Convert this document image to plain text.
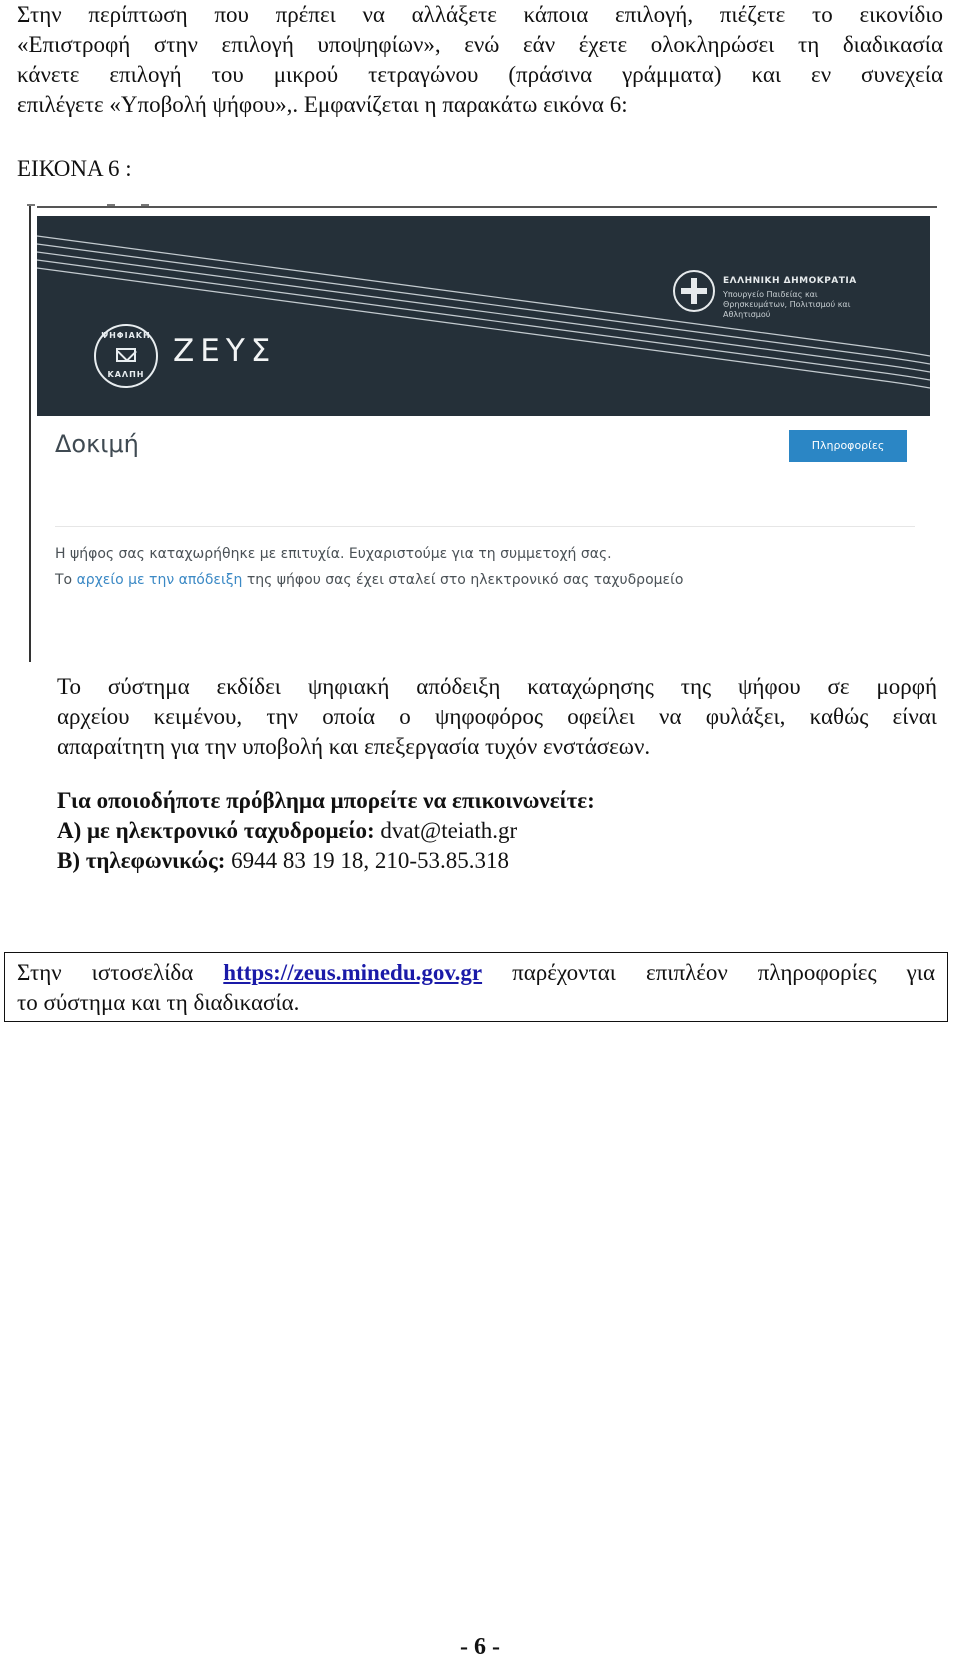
Στην περίπτωση που πρέπει να αλλάξετε κάποια επιλογή, πιέζετε το εικονίδιο

«Επιστροφή στην επιλογή υποψηφίων», ενώ εάν έχετε ολοκληρώσει τη διαδικασία

κάνετε επιλογή του μικρού τετραγώνου (πράσινα γράμματα) και εν συνεχεία

επιλέγετε «Υποβολή ψήφου»,. Εμφανίζεται η παρακάτω εικόνα 6:

ΕΙΚΟΝΑ 6 :

ΨΗΦΙΑΚΗ
ΚΑΛΠΗ
ΖΕΥΣ
ΕΛΛΗΝΙΚΗ ΔΗΜΟΚΡΑΤΙΑ
Υπουργείο Παιδείας και Θρησκευμάτων, Πολιτισμού και Αθλητισμού
Δοκιμή	Πληροφορίες
Η ψήφος σας καταχωρήθηκε με επιτυχία. Ευχαριστούμε για τη συμμετοχή σας.
Το αρχείο με την απόδειξη της ψήφου σας έχει σταλεί στο ηλεκτρονικό σας ταχυδρομείο

Το σύστημα εκδίδει ψηφιακή απόδειξη καταχώρησης της ψήφου σε μορφή

αρχείου κειμένου, την οποία ο ψηφοφόρος οφείλει να φυλάξει, καθώς είναι

απαραίτητη για την υποβολή και επεξεργασία τυχόν ενστάσεων.

Για οποιοδήποτε πρόβλημα μπορείτε να επικοινωνείτε:
Α) με ηλεκτρονικό ταχυδρομείο: dvat@teiath.gr
Β) τηλεφωνικώς: 6944 83 19 18, 210-53.85.318
Στην ιστοσελίδα https://zeus.minedu.gov.gr παρέχονται επιπλέον πληροφορίες για
το σύστημα και τη διαδικασία.
- 6 -
